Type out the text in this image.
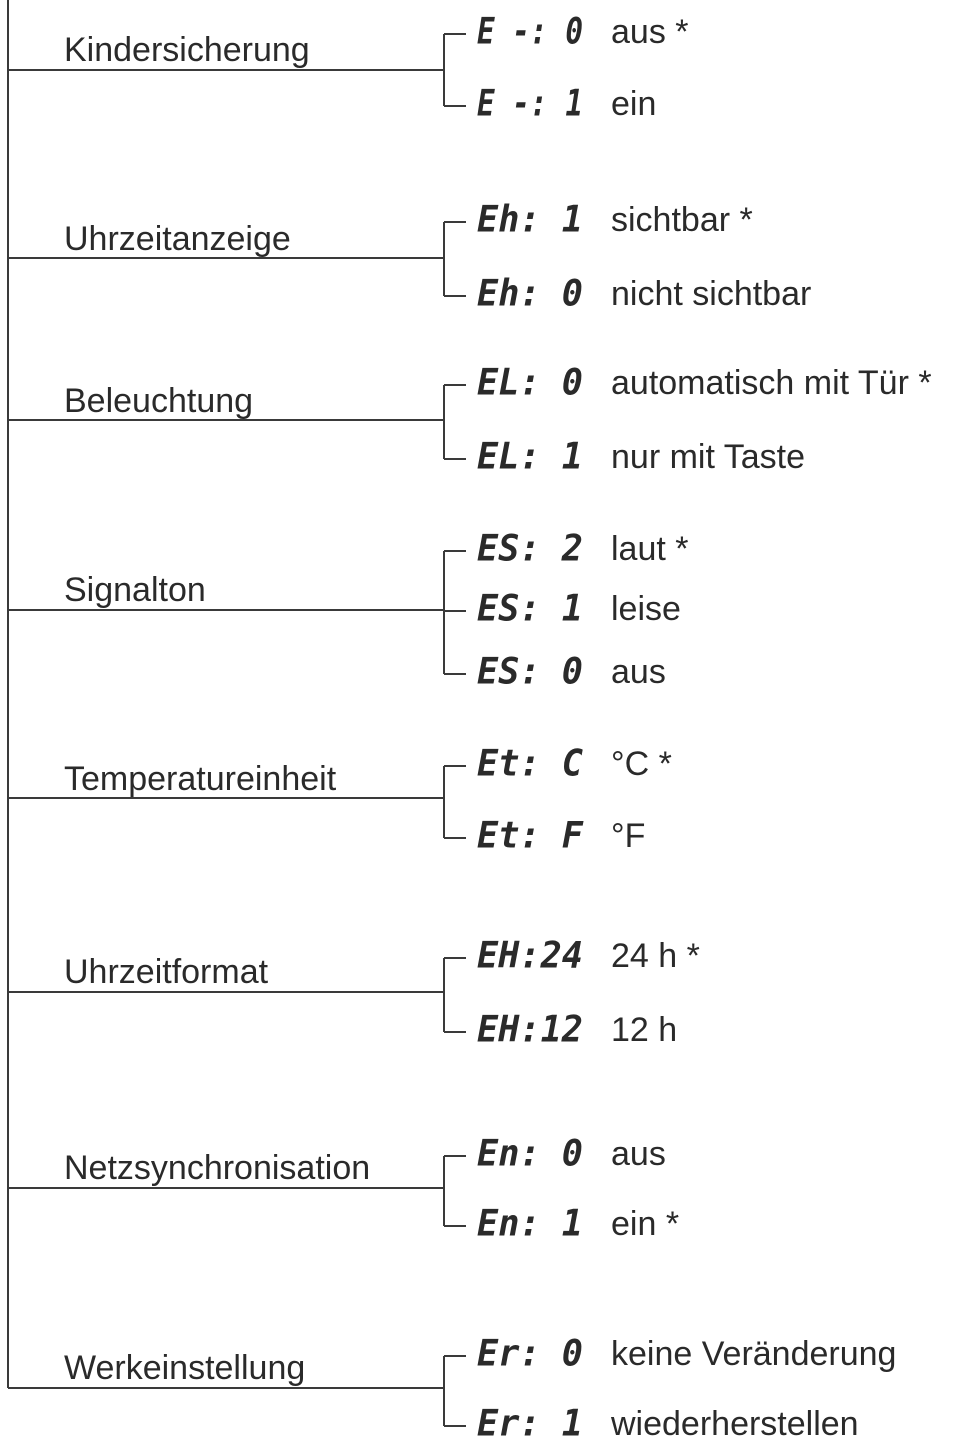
Kindersicherung	E -: 0 aus *
E -: 1 ein
Uhrzeitanzeige	Eh: 1 sichtbar *
Eh: 0 nicht sichtbar
Beleuchtung	EL: 0 automatisch mit Tür *
EL: 1 nur mit Taste
Signalton
ES: 2 laut *
ES: 1 leise
ES: 0 aus
Temperatureinheit	Et: C °C *
Et: F °F
Uhrzeitformat	EH:24 24 h *
EH:12 12 h
Netzsynchronisation	En: 0 aus
En: 1 ein *
Werkeinstellung	Er: 0 keine Veränderung
Er: 1 wiederherstellen
